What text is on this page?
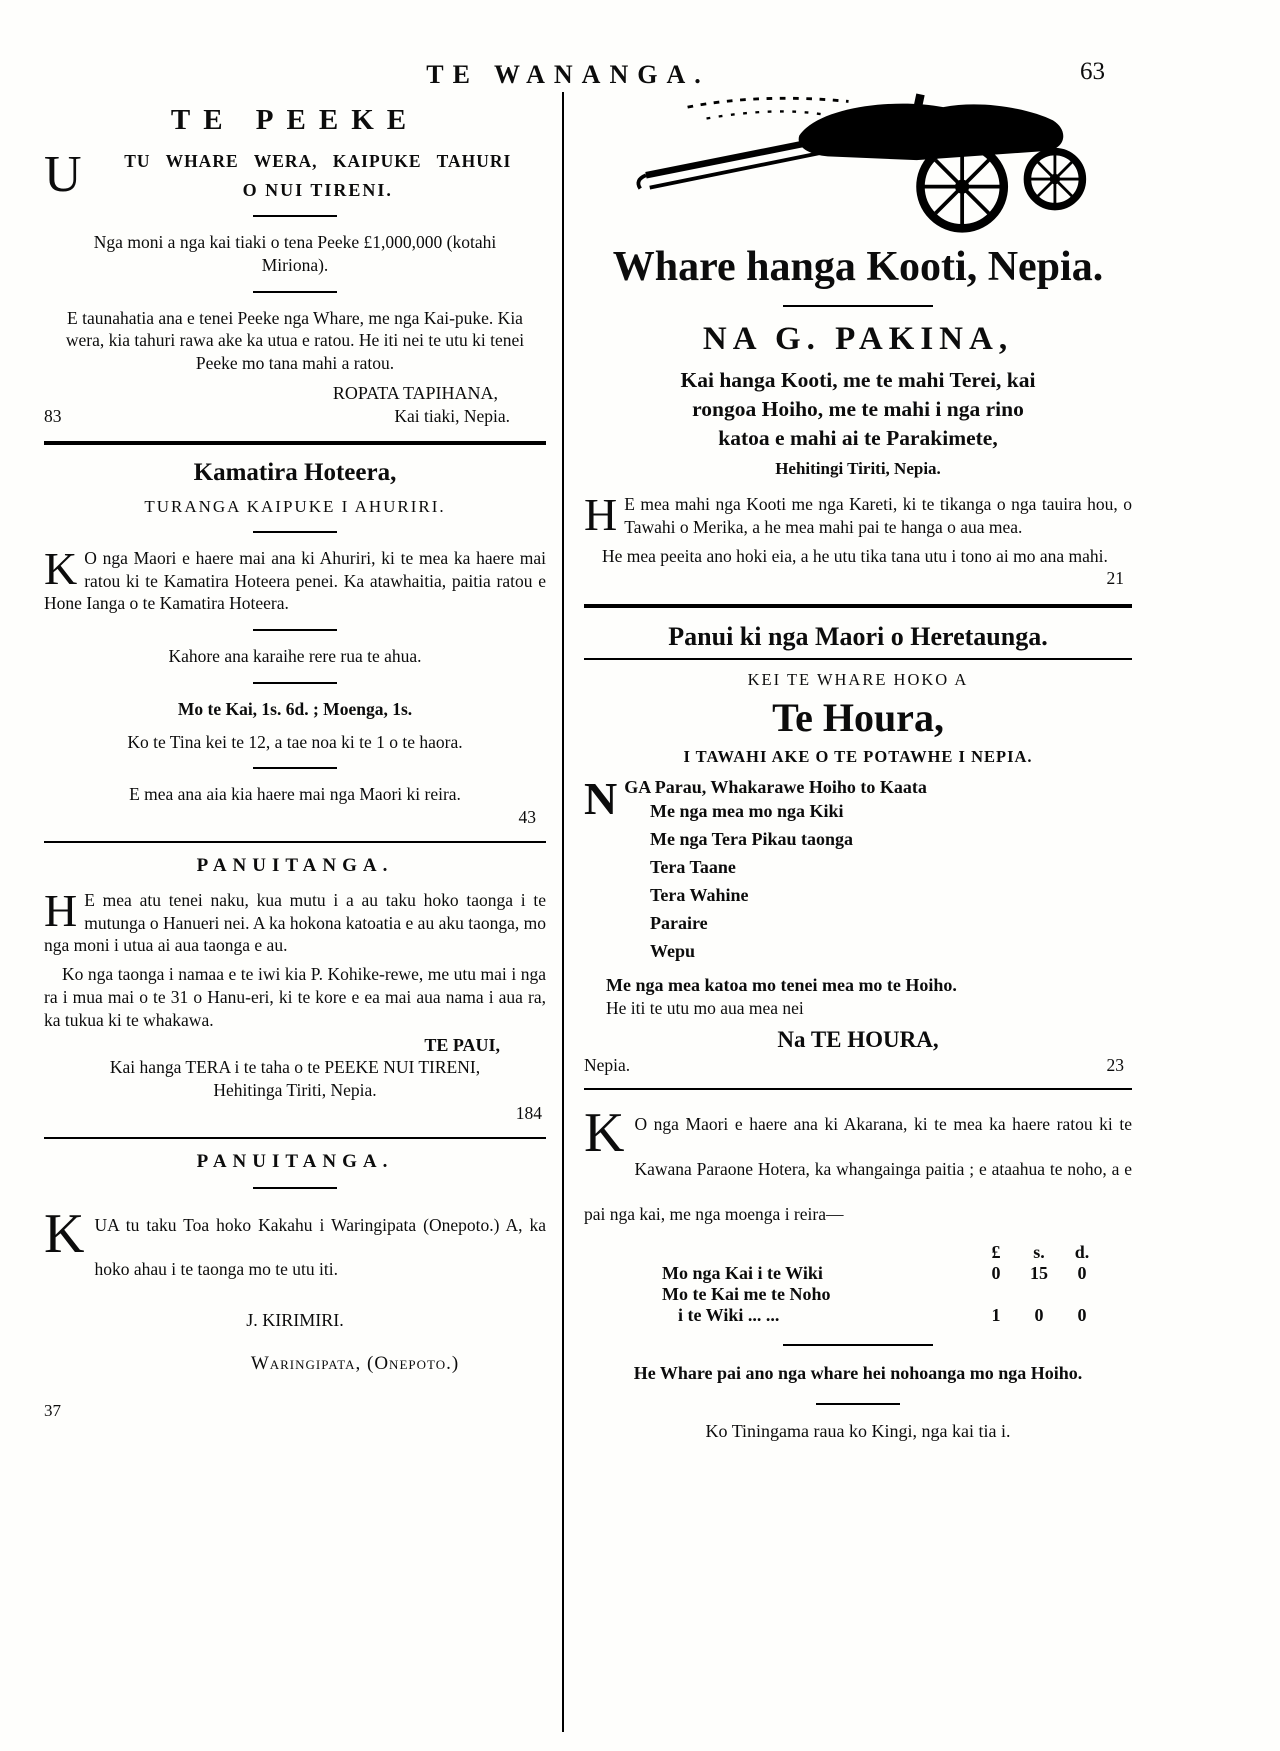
TE WANANGA.	63
TE PEEKE
U	TU WHARE WERA, KAIPUKE TAHURI

O NUI TIRENI.

Nga moni a nga kai tiaki o tena Peeke £1,000,000 (kotahi Miriona).

E taunahatia ana e tenei Peeke nga Whare, me nga Kai-puke. Kia wera, kia tahuri rawa ake ka utua e ratou. He iti nei te utu ki tenei Peeke mo tana mahi a ratou.

ROPATA TAPIHANA,

83	Kai tiaki, Nepia.
Kamatira Hoteera,

TURANGA KAIPUKE I AHURIRI.

K O nga Maori e haere mai ana ki Ahuriri, ki te mea ka haere mai ratou ki te Kamatira Hoteera penei. Ka atawhaitia, paitia ratou e Hone Ianga o te Kamatira Hoteera.

Kahore ana karaihe rere rua te ahua.

Mo te Kai, 1s. 6d. ; Moenga, 1s.

Ko te Tina kei te 12, a tae noa ki te 1 o te haora.

E mea ana aia kia haere mai nga Maori ki reira.

43

PANUITANGA.

H E mea atu tenei naku, kua mutu i a au taku hoko taonga i te mutunga o Hanueri nei. A ka hokona katoatia e au aku taonga, mo nga moni i utua ai aua taonga e au.

Ko nga taonga i namaa e te iwi kia P. Kohike-rewe, me utu mai i nga ra i mua mai o te 31 o Hanu-eri, ki te kore e ea mai aua nama i aua ra, ka tukua ki te whakawa.

TE PAUI,

Kai hanga TERA i te taha o te PEEKE NUI TIRENI,

Hehitinga Tiriti, Nepia.

184

PANUITANGA.

KUA tu taku Toa hoko Kakahu i Waringipata (Onepoto.) A, ka hoko ahau i te taonga mo te utu iti.

J. KIRIMIRI.

Waringipata, (Onepoto.)

37

Whare hanga Kooti, Nepia.
NA G. PAKINA,

Kai hanga Kooti, me te mahi Terei, kai

rongoa Hoiho, me te mahi i nga rino

katoa e mahi ai te Parakimete,

Hehitingi Tiriti, Nepia.

H E mea mahi nga Kooti me nga Kareti, ki te tikanga o nga tauira hou, o Tawahi o Merika, a he mea mahi pai te hanga o aua mea.

He mea peeita ano hoki eia, a he utu tika tana utu i tono ai mo ana mahi.

21

Panui ki nga Maori o Heretaunga.

KEI TE WHARE HOKO A

Te Houra,

I TAWAHI AKE O TE POTAWHE I NEPIA.

NGA Parau, Whakarawe Hoiho to Kaata

Me nga mea mo nga Kiki

Me nga Tera Pikau taonga

Tera Taane

Tera Wahine

Paraire

Wepu

Me nga mea katoa mo tenei mea mo te Hoiho.

He iti te utu mo aua mea nei

Na TE HOURA,
Nepia.	23

K O nga Maori e haere ana ki Akarana, ki te mea ka haere ratou ki te Kawana Paraone Hotera, ka whangainga paitia ; e ataahua te noho, a e pai nga kai, me nga moenga i reira—

£	s.	d.
Mo nga Kai i te Wiki	0	15	0
Mo te Kai me te Noho
i te Wiki ... ...	1	0	0

He Whare pai ano nga whare hei nohoanga mo nga Hoiho.

Ko Tiningama raua ko Kingi, nga kai tia i.
